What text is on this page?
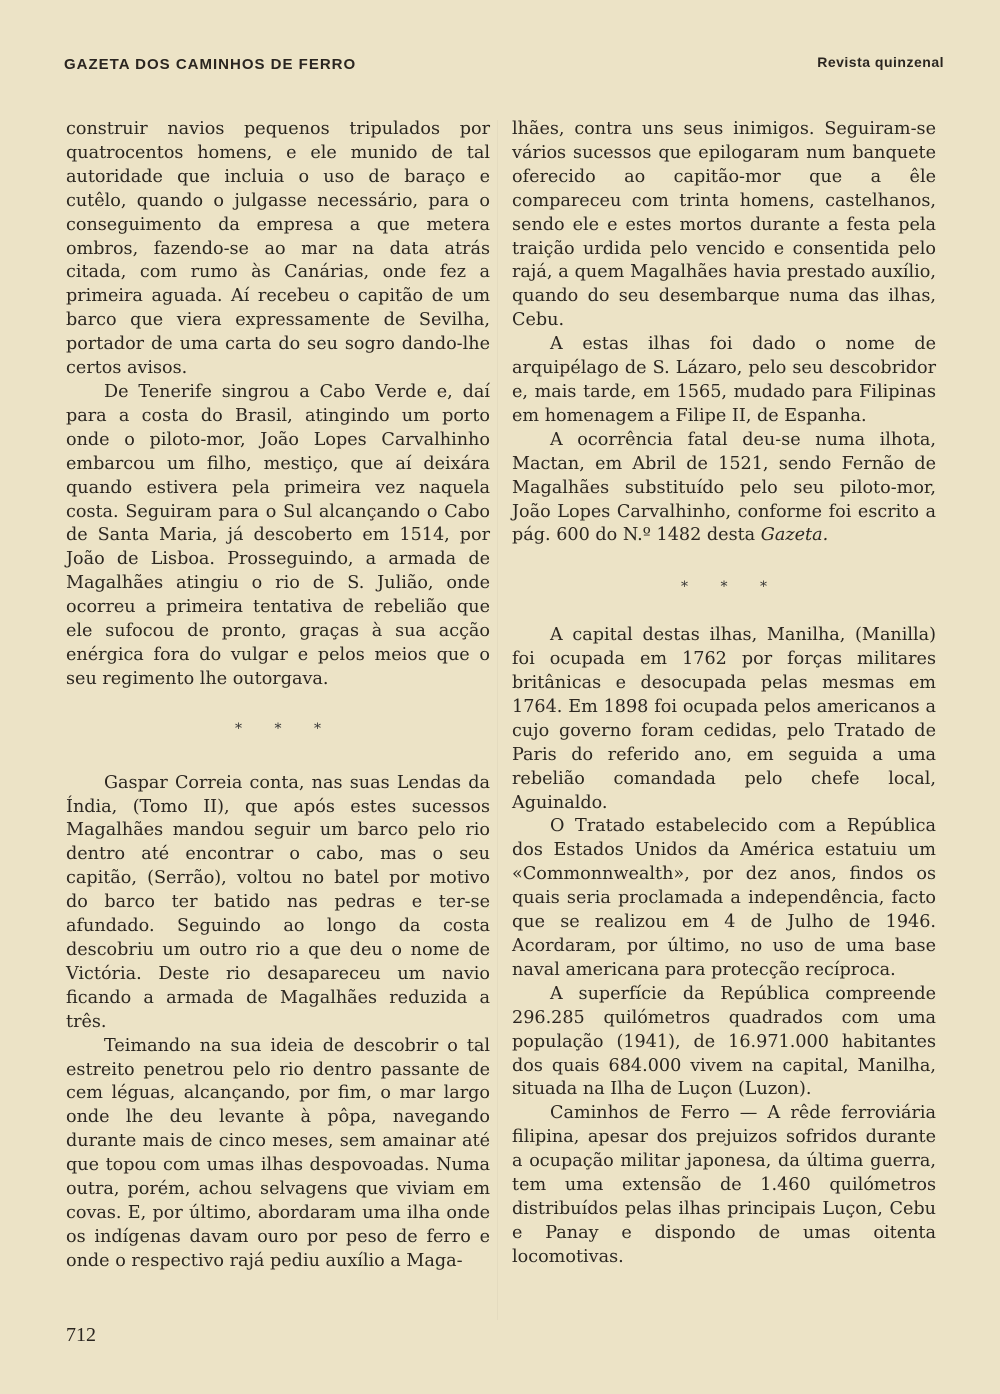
GAZETA DOS CAMINHOS DE FERRO	Revista quinzenal

construir navios pequenos tripulados por quatrocentos homens, e ele munido de tal autoridade que incluia o uso de baraço e cutêlo, quando o julgasse necessário, para o conseguimento da empresa a que metera ombros, fazendo-se ao mar na data atrás citada, com rumo às Canárias, onde fez a primeira aguada. Aí recebeu o capitão de um barco que viera expressamente de Sevilha, portador de uma carta do seu sogro dando-lhe certos avisos.

De Tenerife singrou a Cabo Verde e, daí para a costa do Brasil, atingindo um porto onde o piloto-mor, João Lopes Carvalhinho embarcou um filho, mestiço, que aí deixára quando estivera pela primeira vez naquela costa. Seguiram para o Sul alcançando o Cabo de Santa Maria, já descoberto em 1514, por João de Lisboa. Prosseguindo, a armada de Magalhães atingiu o rio de S. Julião, onde ocorreu a primeira tentativa de rebelião que ele sufocou de pronto, graças à sua acção enérgica fora do vulgar e pelos meios que o seu regimento lhe outorgava.

* * *

Gaspar Correia conta, nas suas Lendas da Índia, (Tomo II), que após estes sucessos Magalhães mandou seguir um barco pelo rio dentro até encontrar o cabo, mas o seu capitão, (Serrão), voltou no batel por motivo do barco ter batido nas pedras e ter-se afundado. Seguindo ao longo da costa descobriu um outro rio a que deu o nome de Victória. Deste rio desapareceu um navio ficando a armada de Magalhães reduzida a três.

Teimando na sua ideia de descobrir o tal estreito penetrou pelo rio dentro passante de cem léguas, alcançando, por fim, o mar largo onde lhe deu levante à pôpa, navegando durante mais de cinco meses, sem amainar até que topou com umas ilhas despovoadas. Numa outra, porém, achou selvagens que viviam em covas. E, por último, abordaram uma ilha onde os indígenas davam ouro por peso de ferro e onde o respectivo rajá pediu auxílio a Maga-

lhães, contra uns seus inimigos. Seguiram-se vários sucessos que epilogaram num banquete oferecido ao capitão-mor que a êle compareceu com trinta homens, castelhanos, sendo ele e estes mortos durante a festa pela traição urdida pelo vencido e consentida pelo rajá, a quem Magalhães havia prestado auxílio, quando do seu desembarque numa das ilhas, Cebu.

A estas ilhas foi dado o nome de arquipélago de S. Lázaro, pelo seu descobridor e, mais tarde, em 1565, mudado para Filipinas em homenagem a Filipe II, de Espanha.

A ocorrência fatal deu-se numa ilhota, Mactan, em Abril de 1521, sendo Fernão de Magalhães substituído pelo seu piloto-mor, João Lopes Carvalhinho, conforme foi escrito a pág. 600 do N.º 1482 desta Gazeta.

* * *

A capital destas ilhas, Manilha, (Manilla) foi ocupada em 1762 por forças militares britânicas e desocupada pelas mesmas em 1764. Em 1898 foi ocupada pelos americanos a cujo governo foram cedidas, pelo Tratado de Paris do referido ano, em seguida a uma rebelião comandada pelo chefe local, Aguinaldo.

O Tratado estabelecido com a República dos Estados Unidos da América estatuiu um «Commonnwealth», por dez anos, findos os quais seria proclamada a independência, facto que se realizou em 4 de Julho de 1946. Acordaram, por último, no uso de uma base naval americana para protecção recíproca.

A superfície da República compreende 296.285 quilómetros quadrados com uma população (1941), de 16.971.000 habitantes dos quais 684.000 vivem na capital, Manilha, situada na Ilha de Luçon (Luzon).

Caminhos de Ferro — A rêde ferroviária filipina, apesar dos prejuizos sofridos durante a ocupação militar japonesa, da última guerra, tem uma extensão de 1.460 quilómetros distribuídos pelas ilhas principais Luçon, Cebu e Panay e dispondo de umas oitenta locomotivas.

712
